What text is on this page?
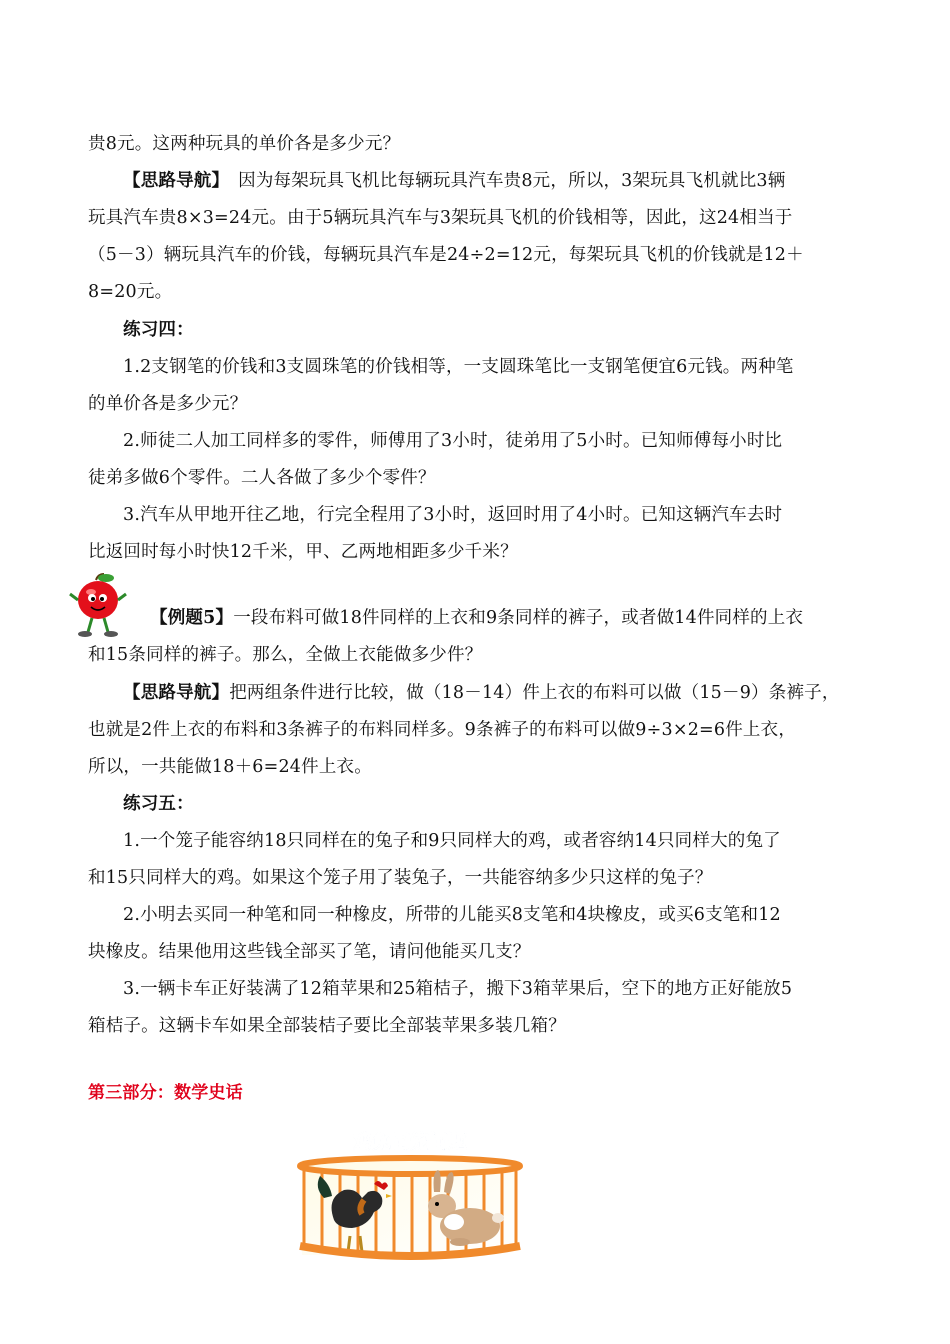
贵8元。这两种玩具的单价各是多少元？
【思路导航】　因为每架玩具飞机比每辆玩具汽车贵8元，所以，3架玩具飞机就比3辆
玩具汽车贵8×3=24元。由于5辆玩具汽车与3架玩具飞机的价钱相等，因此，这24相当于
（5－3）辆玩具汽车的价钱，每辆玩具汽车是24÷2=12元，每架玩具飞机的价钱就是12＋
8=20元。
练习四：
1.2支钢笔的价钱和3支圆珠笔的价钱相等，一支圆珠笔比一支钢笔便宜6元钱。两种笔
的单价各是多少元？
2.师徒二人加工同样多的零件，师傅用了3小时，徒弟用了5小时。已知师傅每小时比
徒弟多做6个零件。二人各做了多少个零件？
3.汽车从甲地开往乙地，行完全程用了3小时，返回时用了4小时。已知这辆汽车去时
比返回时每小时快12千米，甲、乙两地相距多少千米？
【例题5】一段布料可做18件同样的上衣和9条同样的裤子，或者做14件同样的上衣
和15条同样的裤子。那么，全做上衣能做多少件？
【思路导航】把两组条件进行比较，做（18－14）件上衣的布料可以做（15－9）条裤子，
也就是2件上衣的布料和3条裤子的布料同样多。9条裤子的布料可以做9÷3×2=6件上衣，
所以，一共能做18＋6=24件上衣。
练习五：
1.一个笼子能容纳18只同样在的兔子和9只同样大的鸡，或者容纳14只同样大的兔了
和15只同样大的鸡。如果这个笼子用了装兔子，一共能容纳多少只这样的兔子？
2.小明去买同一种笔和同一种橡皮，所带的儿能买8支笔和4块橡皮，或买6支笔和12
块橡皮。结果他用这些钱全部买了笔，请问他能买几支？
3.一辆卡车正好装满了12箱苹果和25箱桔子，搬下3箱苹果后，空下的地方正好能放5
箱桔子。这辆卡车如果全部装桔子要比全部装苹果多装几箱？
第三部分：数学史话
鸡兔同笼问题
